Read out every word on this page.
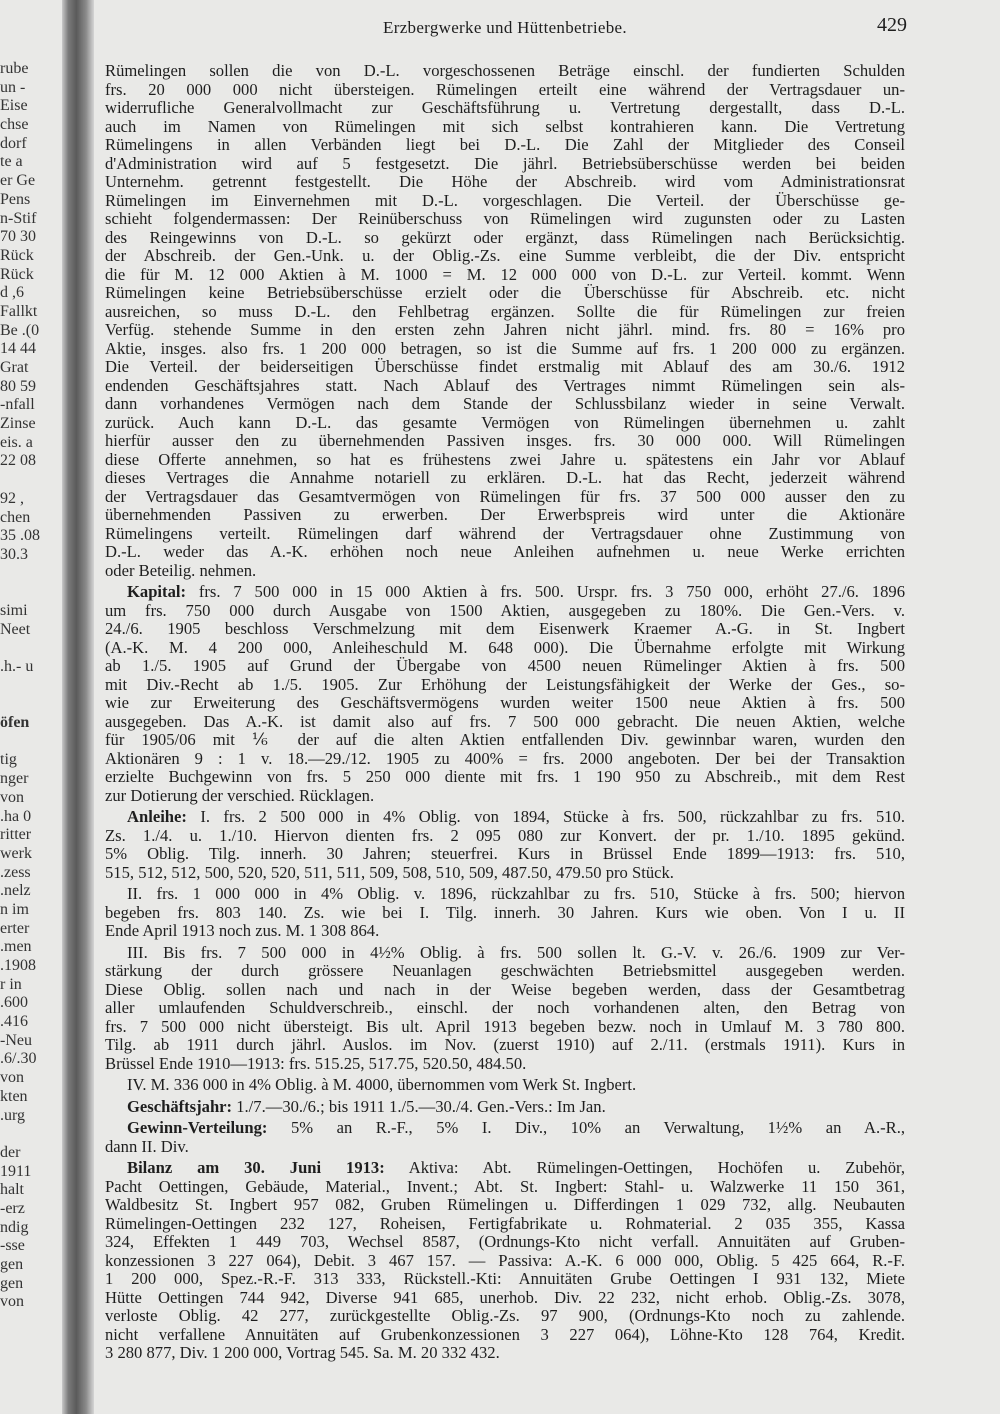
rube
- un
Eise
chse
dorf
te a
er Ge
Pens
n-Stif
30 70
Rück
Rück
6, d
Fallkt
0). Be
44 14
Grat
59 80
nfall-
Zinse
eis. a
08 22

, 92
chen
08. 35
30.3

simi
Neet

h.- u.

öfen

tig
nger
von
0 ha.
ritter
werk
zess.
nelz.
n im
erter
men.
1908.
r in
600.
416.
Neu-
30./6.
von
kten
urg.

der
1911
halt
erz-
ndig
sse-
gen
gen
von
Erzbergwerke und Hüttenbetriebe.	429
Rümelingen sollen die von D.-L. vorgeschossenen Beträge einschl. der fundierten Schulden
frs. 20 000 000 nicht übersteigen. Rümelingen erteilt eine während der Vertragsdauer un-
widerrufliche Generalvollmacht zur Geschäftsführung u. Vertretung dergestallt, dass D.-L.
auch im Namen von Rümelingen mit sich selbst kontrahieren kann. Die Vertretung
Rümelingens in allen Verbänden liegt bei D.-L. Die Zahl der Mitglieder des Conseil
d'Administration wird auf 5 festgesetzt. Die jährl. Betriebsüberschüsse werden bei beiden
Unternehm. getrennt festgestellt. Die Höhe der Abschreib. wird vom Administrationsrat
Rümelingen im Einvernehmen mit D.-L. vorgeschlagen. Die Verteil. der Überschüsse ge-
schieht folgendermassen: Der Reinüberschuss von Rümelingen wird zugunsten oder zu Lasten
des Reingewinns von D.-L. so gekürzt oder ergänzt, dass Rümelingen nach Berücksichtig.
der Abschreib. der Gen.-Unk. u. der Oblig.-Zs. eine Summe verbleibt, die der Div. entspricht
die für M. 12 000 Aktien à M. 1000 = M. 12 000 000 von D.-L. zur Verteil. kommt. Wenn
Rümelingen keine Betriebsüberschüsse erzielt oder die Überschüsse für Abschreib. etc. nicht
ausreichen, so muss D.-L. den Fehlbetrag ergänzen. Sollte die für Rümelingen zur freien
Verfüg. stehende Summe in den ersten zehn Jahren nicht jährl. mind. frs. 80 = 16% pro
Aktie, insges. also frs. 1 200 000 betragen, so ist die Summe auf frs. 1 200 000 zu ergänzen.
Die Verteil. der beiderseitigen Überschüsse findet erstmalig mit Ablauf des am 30./6. 1912
endenden Geschäftsjahres statt. Nach Ablauf des Vertrages nimmt Rümelingen sein als-
dann vorhandenes Vermögen nach dem Stande der Schlussbilanz wieder in seine Verwalt.
zurück. Auch kann D.-L. das gesamte Vermögen von Rümelingen übernehmen u. zahlt
hierfür ausser den zu übernehmenden Passiven insges. frs. 30 000 000. Will Rümelingen
diese Offerte annehmen, so hat es frühestens zwei Jahre u. spätestens ein Jahr vor Ablauf
dieses Vertrages die Annahme notariell zu erklären. D.-L. hat das Recht, jederzeit während
der Vertragsdauer das Gesamtvermögen von Rümelingen für frs. 37 500 000 ausser den zu
übernehmenden Passiven zu erwerben. Der Erwerbspreis wird unter die Aktionäre
Rümelingens verteilt. Rümelingen darf während der Vertragsdauer ohne Zustimmung von
D.-L. weder das A.-K. erhöhen noch neue Anleihen aufnehmen u. neue Werke errichten
oder Beteilig. nehmen.
Kapital: frs. 7 500 000 in 15 000 Aktien à frs. 500. Urspr. frs. 3 750 000, erhöht 27./6. 1896
um frs. 750 000 durch Ausgabe von 1500 Aktien, ausgegeben zu 180%. Die Gen.-Vers. v.
24./6. 1905 beschloss Verschmelzung mit dem Eisenwerk Kraemer A.-G. in St. Ingbert
(A.-K. M. 4 200 000, Anleiheschuld M. 648 000). Die Übernahme erfolgte mit Wirkung
ab 1./5. 1905 auf Grund der Übergabe von 4500 neuen Rümelinger Aktien à frs. 500
mit Div.-Recht ab 1./5. 1905. Zur Erhöhung der Leistungsfähigkeit der Werke der Ges., so-
wie zur Erweiterung des Geschäftsvermögens wurden weiter 1500 neue Aktien à frs. 500
ausgegeben. Das A.-K. ist damit also auf frs. 7 500 000 gebracht. Die neuen Aktien, welche
für 1905/06 mit ⅙ der auf die alten Aktien entfallenden Div. gewinnbar waren, wurden den
Aktionären 9 : 1 v. 18.—29./12. 1905 zu 400% = frs. 2000 angeboten. Der bei der Transaktion
erzielte Buchgewinn von frs. 5 250 000 diente mit frs. 1 190 950 zu Abschreib., mit dem Rest
zur Dotierung der verschied. Rücklagen.
Anleihe: I. frs. 2 500 000 in 4% Oblig. von 1894, Stücke à frs. 500, rückzahlbar zu frs. 510.
Zs. 1./4. u. 1./10. Hiervon dienten frs. 2 095 080 zur Konvert. der pr. 1./10. 1895 gekünd.
5% Oblig. Tilg. innerh. 30 Jahren; steuerfrei. Kurs in Brüssel Ende 1899—1913: frs. 510,
515, 512, 512, 500, 520, 520, 511, 511, 509, 508, 510, 509, 487.50, 479.50 pro Stück.
II. frs. 1 000 000 in 4% Oblig. v. 1896, rückzahlbar zu frs. 510, Stücke à frs. 500; hiervon
begeben frs. 803 140. Zs. wie bei I. Tilg. innerh. 30 Jahren. Kurs wie oben. Von I u. II
Ende April 1913 noch zus. M. 1 308 864.
III. Bis frs. 7 500 000 in 4½% Oblig. à frs. 500 sollen lt. G.-V. v. 26./6. 1909 zur Ver-
stärkung der durch grössere Neuanlagen geschwächten Betriebsmittel ausgegeben werden.
Diese Oblig. sollen nach und nach in der Weise begeben werden, dass der Gesamtbetrag
aller umlaufenden Schuldverschreib., einschl. der noch vorhandenen alten, den Betrag von
frs. 7 500 000 nicht übersteigt. Bis ult. April 1913 begeben bezw. noch in Umlauf M. 3 780 800.
Tilg. ab 1911 durch jährl. Auslos. im Nov. (zuerst 1910) auf 2./11. (erstmals 1911). Kurs in
Brüssel Ende 1910—1913: frs. 515.25, 517.75, 520.50, 484.50.
IV. M. 336 000 in 4% Oblig. à M. 4000, übernommen vom Werk St. Ingbert.
Geschäftsjahr: 1./7.—30./6.; bis 1911 1./5.—30./4. Gen.-Vers.: Im Jan.
Gewinn-Verteilung: 5% an R.-F., 5% I. Div., 10% an Verwaltung, 1½% an A.-R.,
dann II. Div.
Bilanz am 30. Juni 1913: Aktiva: Abt. Rümelingen-Oettingen, Hochöfen u. Zubehör,
Pacht Oettingen, Gebäude, Material., Invent.; Abt. St. Ingbert: Stahl- u. Walzwerke 11 150 361,
Waldbesitz St. Ingbert 957 082, Gruben Rümelingen u. Differdingen 1 029 732, allg. Neubauten
Rümelingen-Oettingen 232 127, Roheisen, Fertigfabrikate u. Rohmaterial. 2 035 355, Kassa
324, Effekten 1 449 703, Wechsel 8587, (Ordnungs-Kto nicht verfall. Annuitäten auf Gruben-
konzessionen 3 227 064), Debit. 3 467 157. — Passiva: A.-K. 6 000 000, Oblig. 5 425 664, R.-F.
1 200 000, Spez.-R.-F. 313 333, Rückstell.-Kti: Annuitäten Grube Oettingen I 931 132, Miete
Hütte Oettingen 744 942, Diverse 941 685, unerhob. Div. 22 232, nicht erhob. Oblig.-Zs. 3078,
verloste Oblig. 42 277, zurückgestellte Oblig.-Zs. 97 900, (Ordnungs-Kto noch zu zahlende.
nicht verfallene Annuitäten auf Grubenkonzessionen 3 227 064), Löhne-Kto 128 764, Kredit.
3 280 877, Div. 1 200 000, Vortrag 545. Sa. M. 20 332 432.
